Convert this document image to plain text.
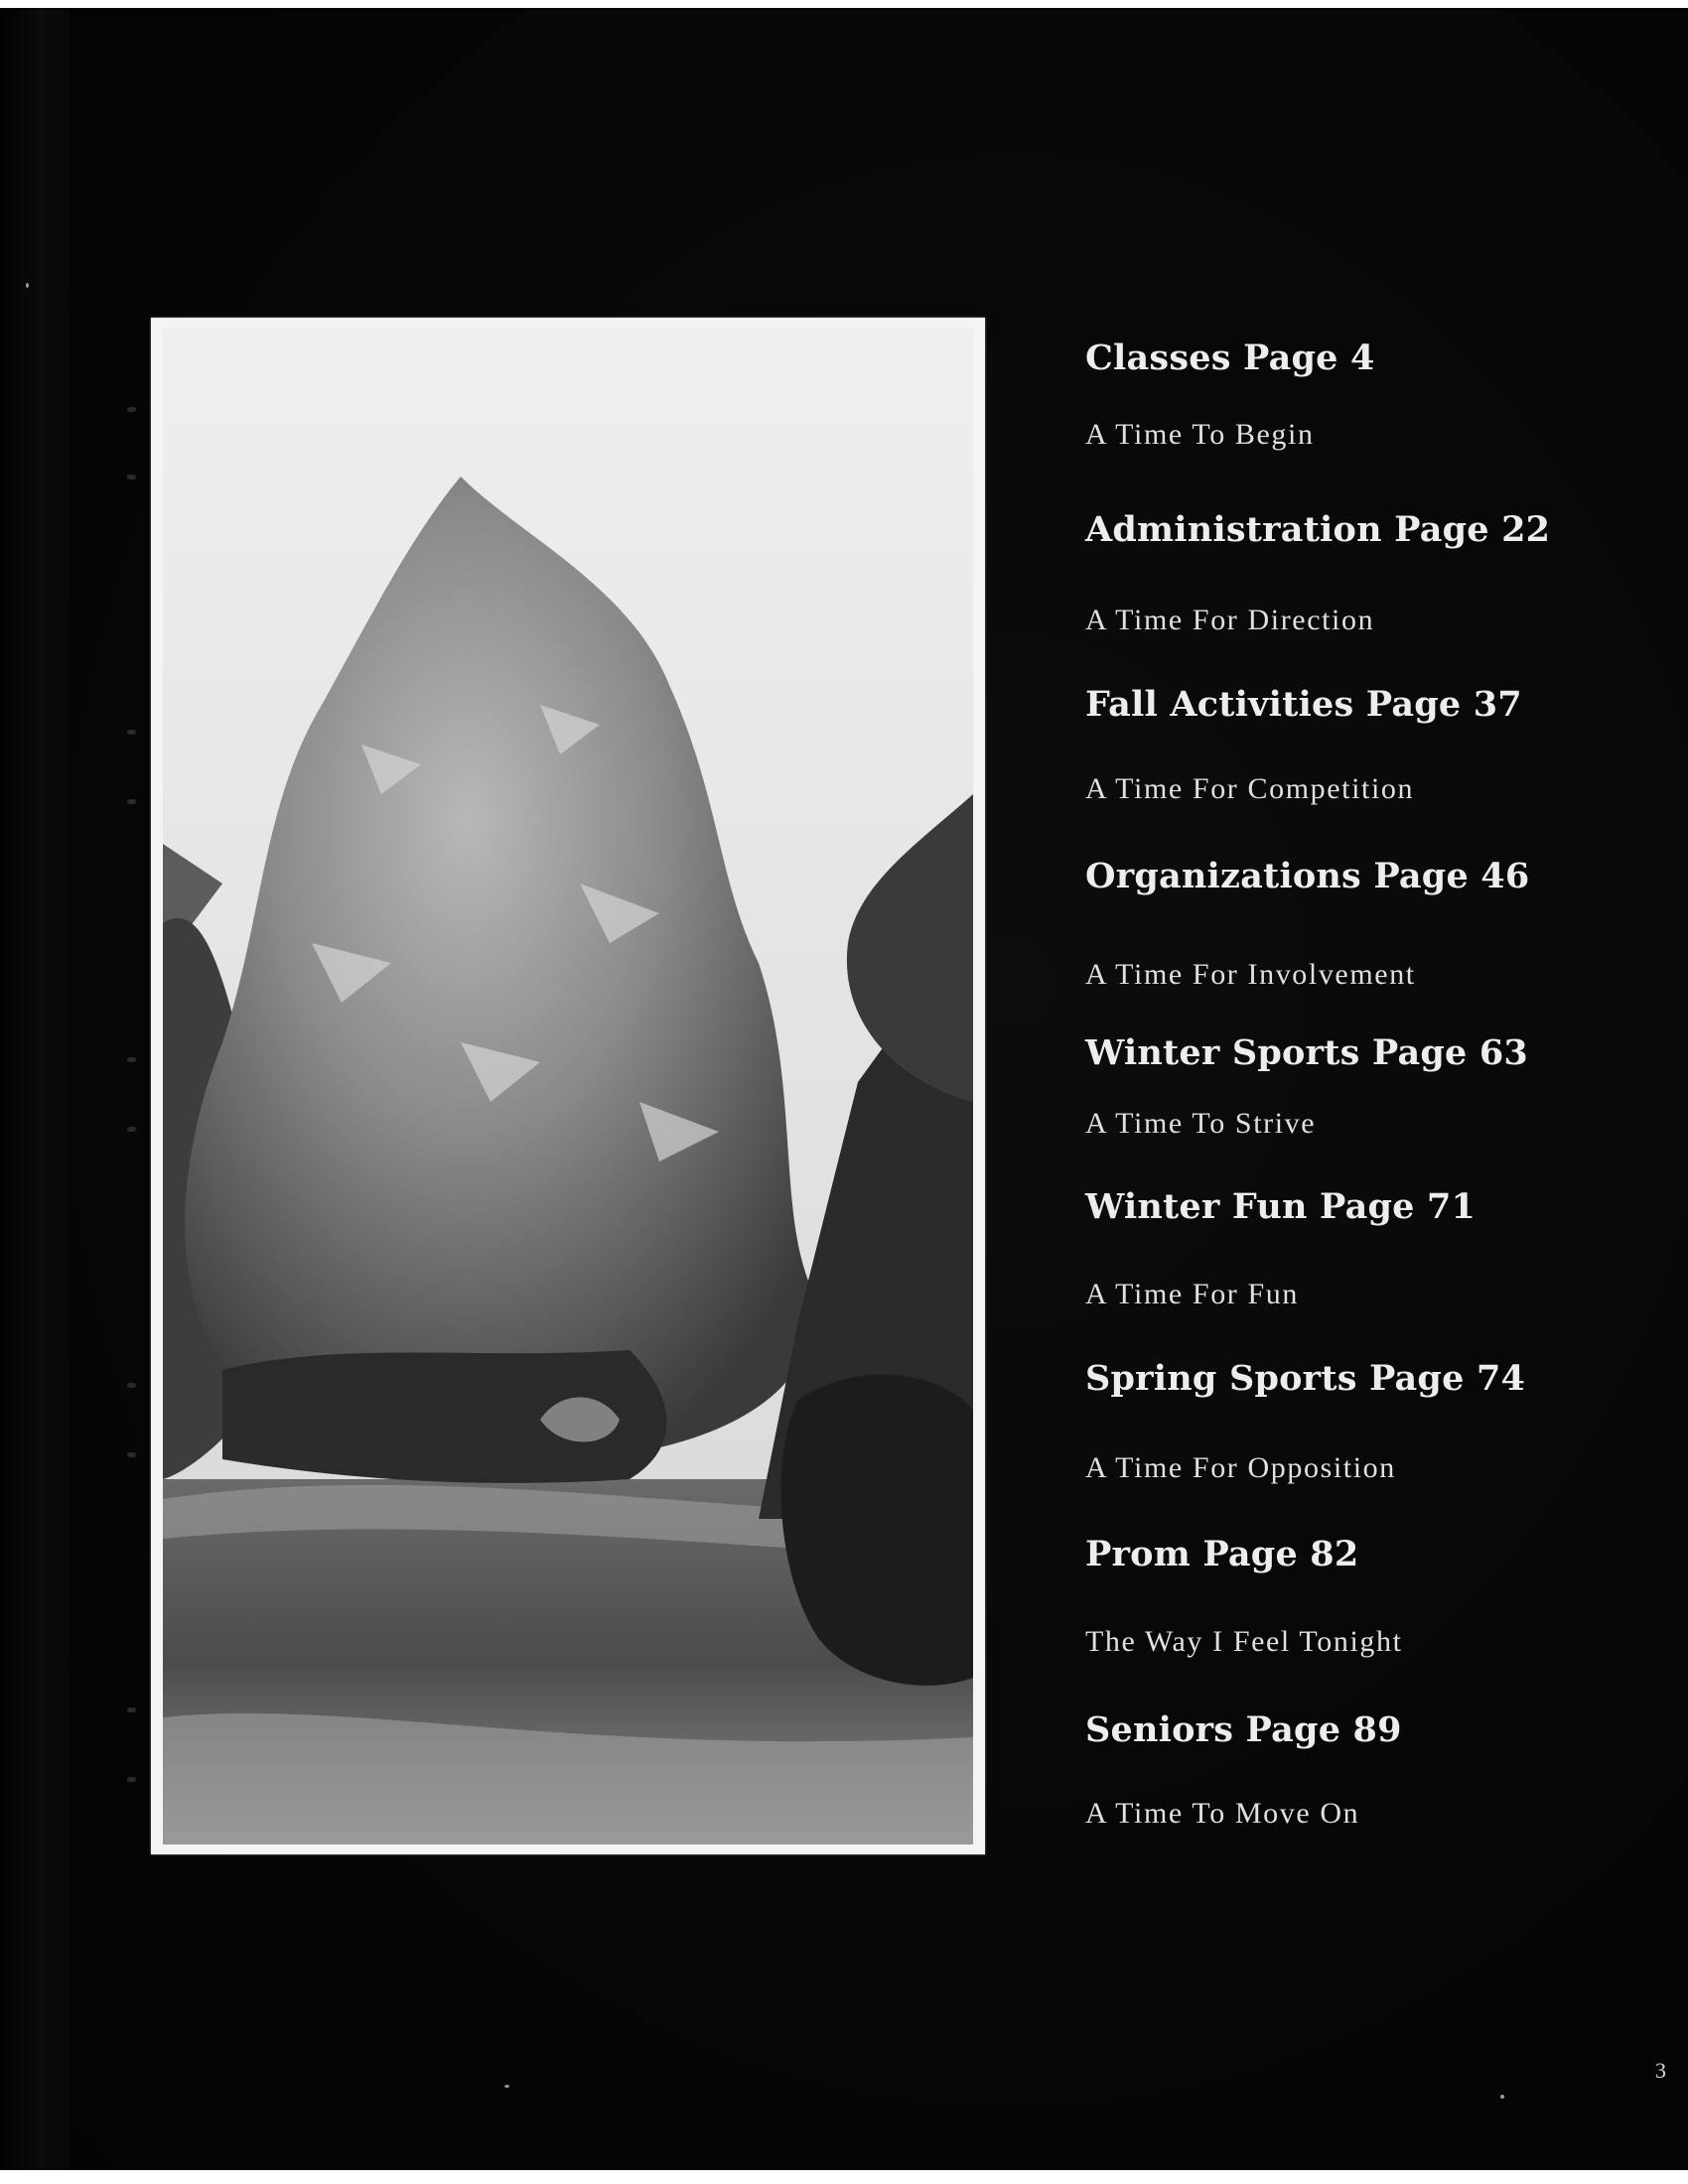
Classes Page 4
A Time To Begin
Administration Page 22
A Time For Direction
Fall Activities Page 37
A Time For Competition
Organizations Page 46
A Time For Involvement
Winter Sports Page 63
A Time To Strive
Winter Fun Page 71
A Time For Fun
Spring Sports Page 74
A Time For Opposition
Prom Page 82
The Way I Feel Tonight
Seniors Page 89
A Time To Move On
3
